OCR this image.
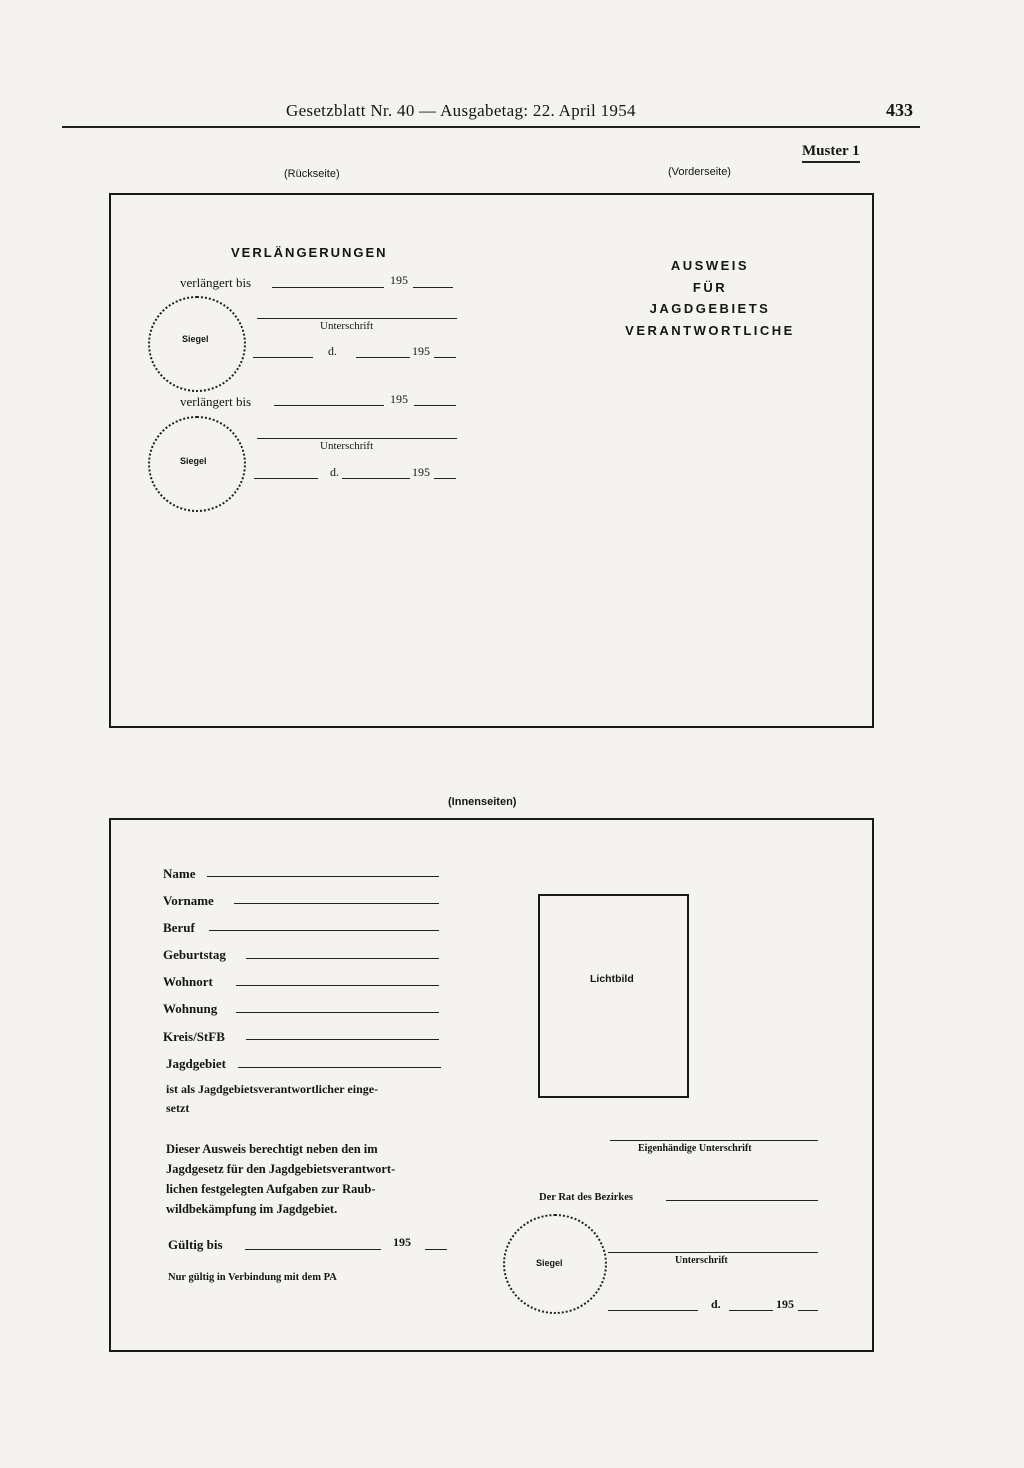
Gesetzblatt Nr. 40 — Ausgabetag: 22. April 1954	433
Muster 1
(Rückseite)	(Vorderseite)
VERLÄNGERUNGEN
verlängert bis	195
Siegel
Unterschrift
d.	195
verlängert bis	195
Siegel
Unterschrift
d.	195
AUSWEIS
FÜR
JAGDGEBIETS
VERANTWORTLICHE
(Innenseiten)
Name
Vorname
Beruf
Geburtstag
Wohnort
Wohnung
Kreis/StFB
Jagdgebiet
ist als Jagdgebietsverantwortlicher einge-
setzt
Dieser Ausweis berechtigt neben den im
Jagdgesetz für den Jagdgebietsverantwort-
lichen festgelegten Aufgaben zur Raub-
wildbekämpfung im Jagdgebiet.
Gültig bis	195
Nur gültig in Verbindung mit dem PA
Lichtbild
Eigenhändige Unterschrift
Der Rat des Bezirkes
Siegel	Unterschrift
d.	195
